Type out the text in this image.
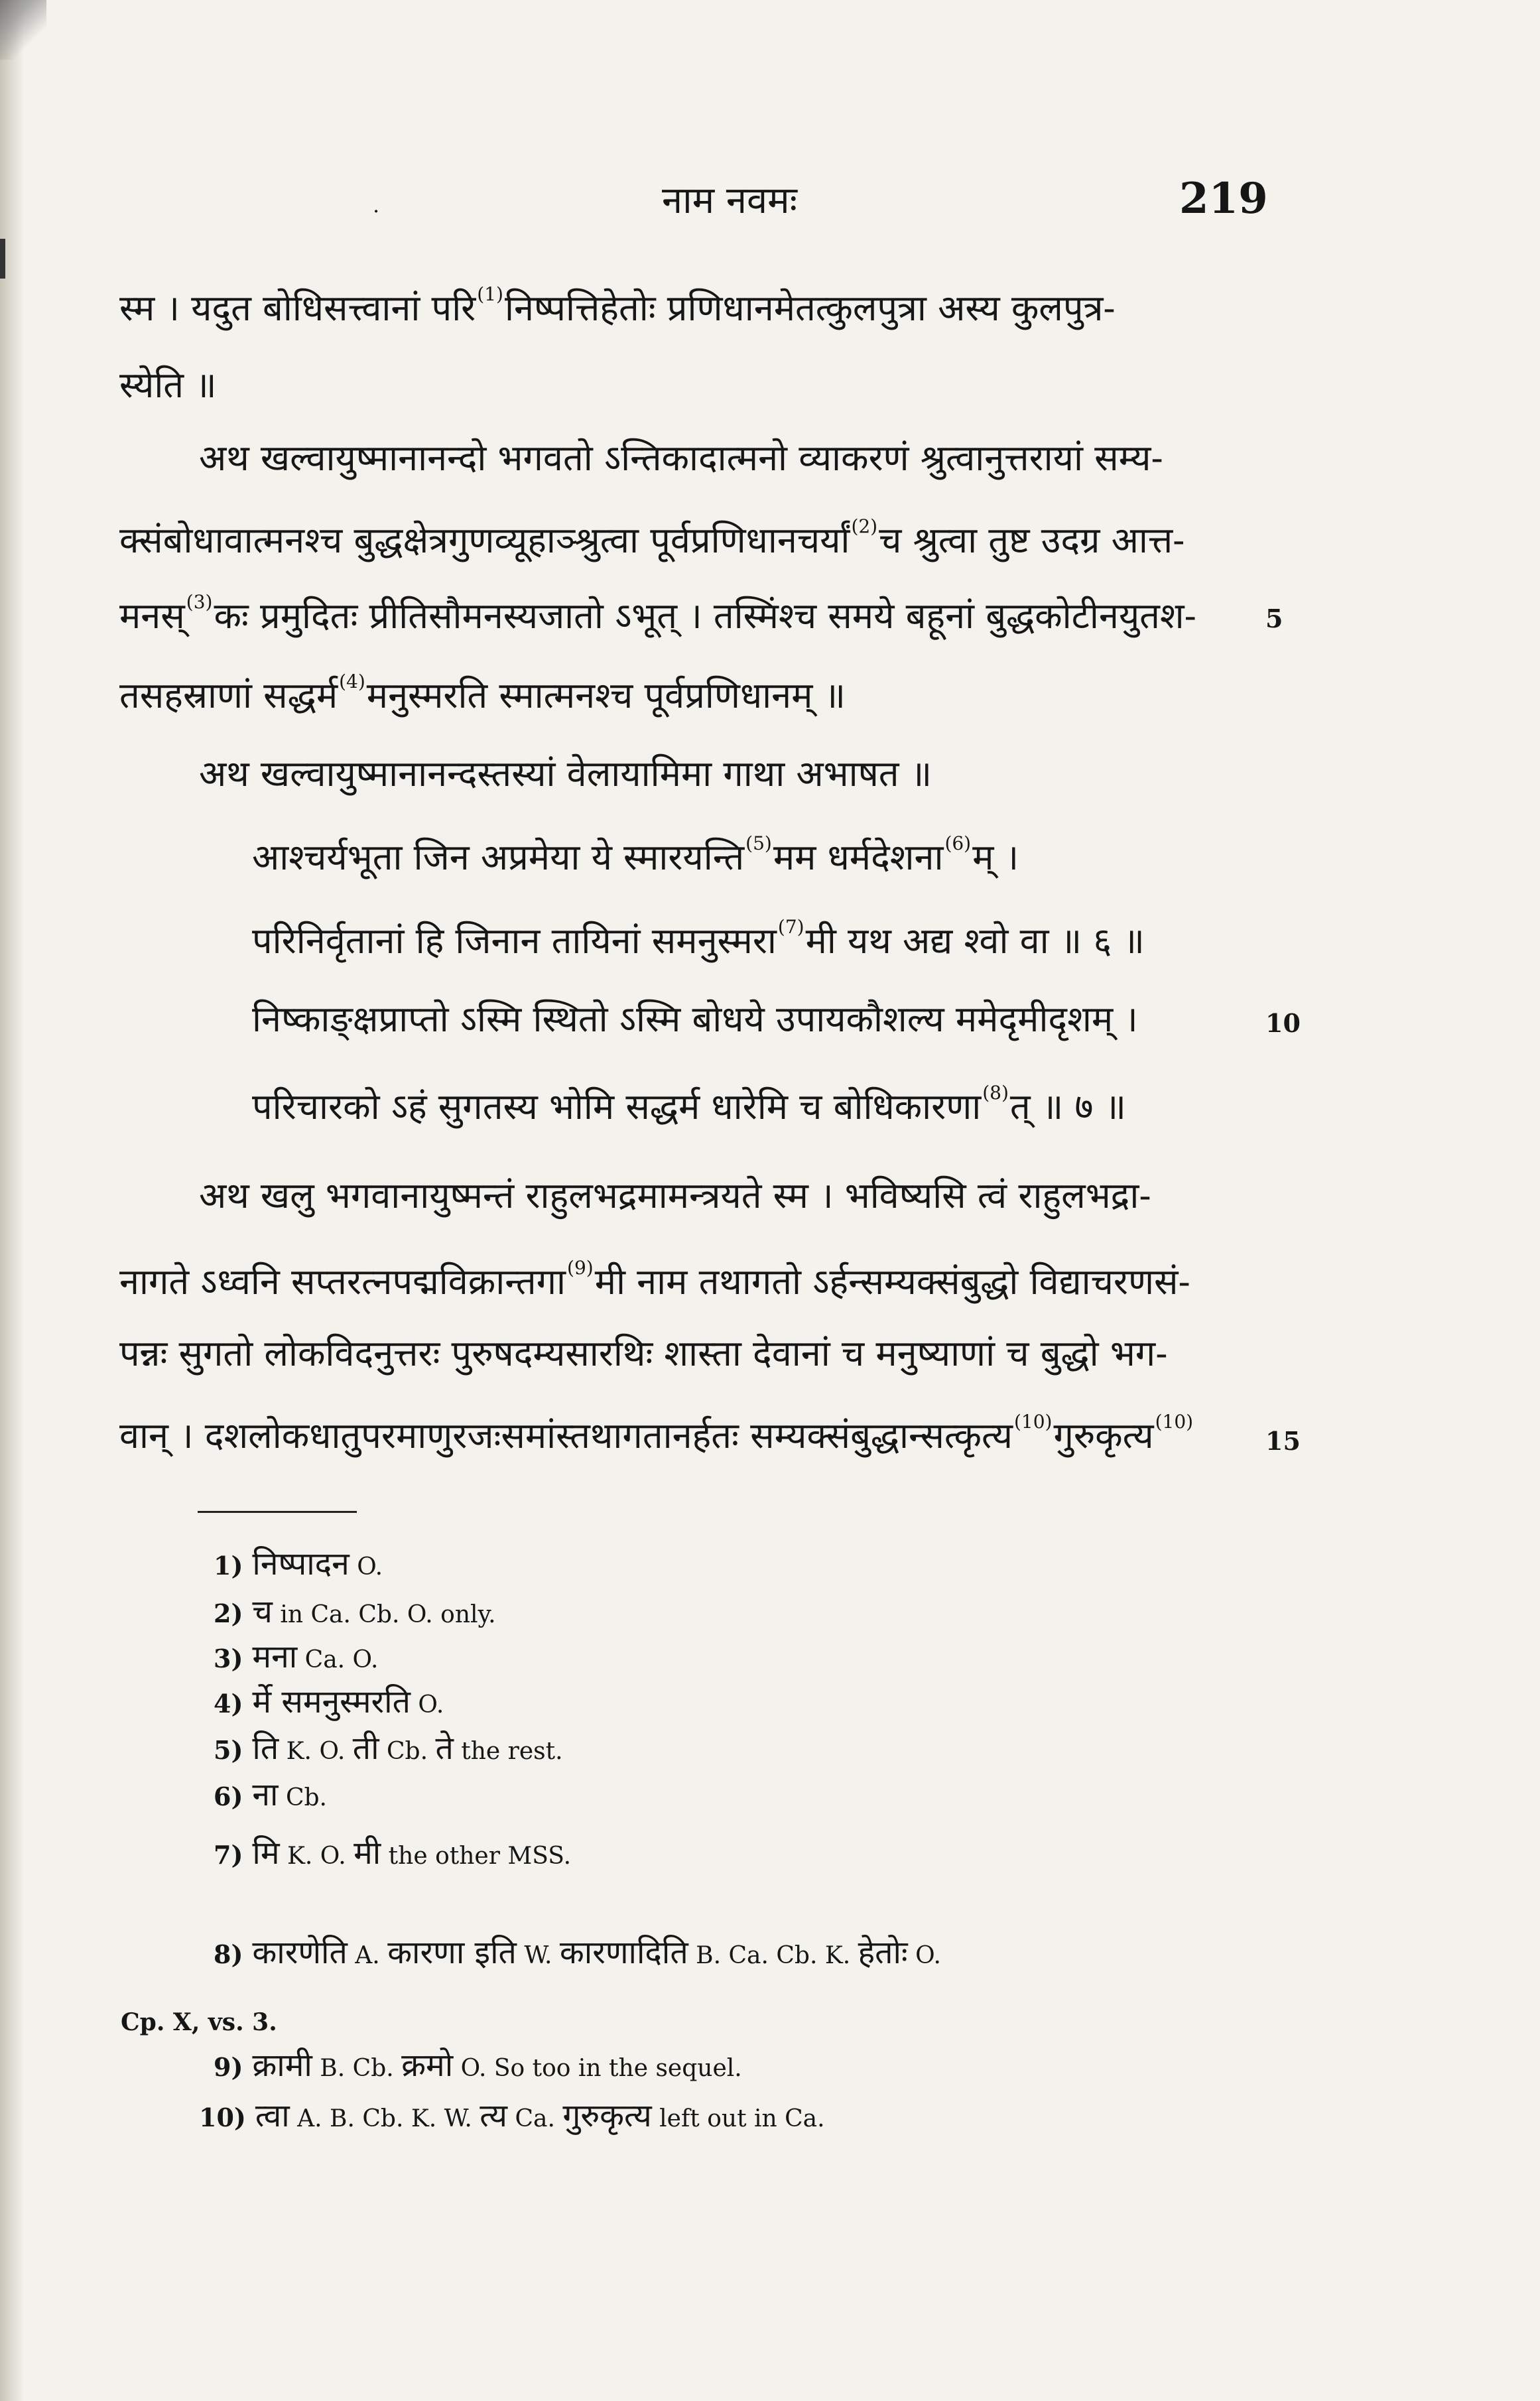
.	नाम नवमः	219
स्म । यदुत बोधिसत्त्वानां परि$^{(1)}$निष्पत्तिहेतोः प्रणिधानमेतत्कुलपुत्रा अस्य कुलपुत्र-
स्येति ॥
अथ खल्वायुष्मानानन्दो भगवतो ऽन्तिकादात्मनो व्याकरणं श्रुत्वानुत्तरायां सम्य-
क्संबोधावात्मनश्च बुद्धक्षेत्रगुणव्यूहाञ्श्रुत्वा पूर्वप्रणिधानचर्यां$^{(2)}$च श्रुत्वा तुष्ट उदग्र आत्त-
मनस्$^{(3)}$कः प्रमुदितः प्रीतिसौमनस्यजातो ऽभूत् । तस्मिंश्च समये बहूनां बुद्धकोटीनयुतश-	5
तसहस्राणां सद्धर्म$^{(4)}$मनुस्मरति स्मात्मनश्च पूर्वप्रणिधानम् ॥
अथ खल्वायुष्मानानन्दस्तस्यां वेलायामिमा गाथा अभाषत ॥
आश्चर्यभूता जिन अप्रमेया ये स्मारयन्ति$^{(5)}$मम धर्मदेशना$^{(6)}$म् ।
परिनिर्वृतानां हि जिनान तायिनां समनुस्मरा$^{(7)}$मी यथ अद्य श्वो वा ॥ ६ ॥
निष्काङ्क्षप्राप्तो ऽस्मि स्थितो ऽस्मि बोधये उपायकौशल्य ममेदृमीदृशम् ।	10
परिचारको ऽहं सुगतस्य भोमि सद्धर्म धारेमि च बोधिकारणा$^{(8)}$त् ॥ ७ ॥
अथ खलु भगवानायुष्मन्तं राहुलभद्रमामन्त्रयते स्म । भविष्यसि त्वं राहुलभद्रा-
नागते ऽध्वनि सप्तरत्नपद्मविक्रान्तगा$^{(9)}$मी नाम तथागतो ऽर्हन्सम्यक्संबुद्धो विद्याचरणसं-
पन्नः सुगतो लोकविदनुत्तरः पुरुषदम्यसारथिः शास्ता देवानां च मनुष्याणां च बुद्धो भग-
वान् । दशलोकधातुपरमाणुरजःसमांस्तथागतानर्हतः सम्यक्संबुद्धान्सत्कृत्य$^{(10)}$गुरुकृत्य$^{(10)}$
15
1) निष्पादन O.
2) च in Ca. Cb. O. only.
3) मना Ca. O.
4) र्मे समनुस्मरति O.
5) ति K. O. ती Cb. ते the rest.
6) ना Cb.
7) मि K. O. मी the other MSS.
8) कारणेति A. कारणा इति W. कारणादिति B. Ca. Cb. K. हेतोः O.
9) क्रामी B. Cb. क्रमो O. So too in the sequel.
10) त्वा A. B. Cb. K. W. त्य Ca. गुरुकृत्य left out in Ca.
Cp. X, vs. 3.
